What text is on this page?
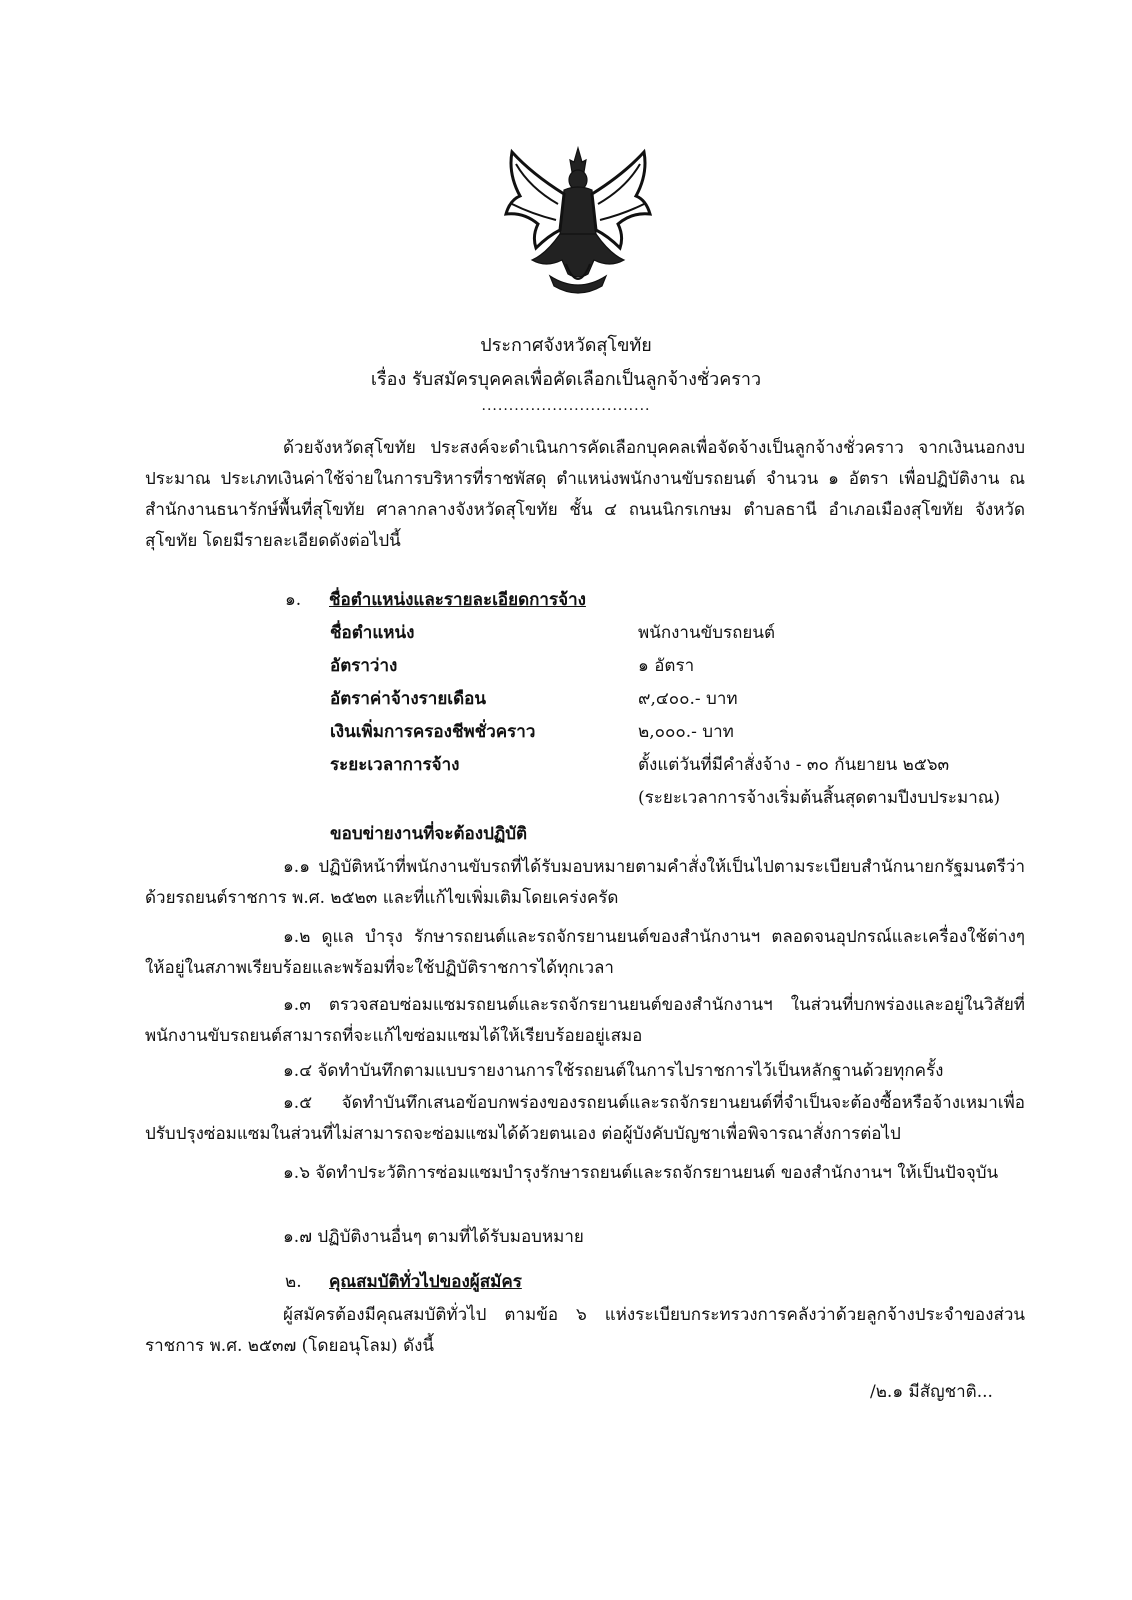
ประกาศจังหวัดสุโขทัย
เรื่อง รับสมัครบุคคลเพื่อคัดเลือกเป็นลูกจ้างชั่วคราว
...............................
ด้วยจังหวัดสุโขทัย ประสงค์จะดำเนินการคัดเลือกบุคคลเพื่อจัดจ้างเป็นลูกจ้างชั่วคราว จากเงินนอกงบประมาณ ประเภทเงินค่าใช้จ่ายในการบริหารที่ราชพัสดุ ตำแหน่งพนักงานขับรถยนต์ จำนวน ๑ อัตรา เพื่อปฏิบัติงาน ณ สำนักงานธนารักษ์พื้นที่สุโขทัย ศาลากลางจังหวัดสุโขทัย ชั้น ๔ ถนนนิกรเกษม ตำบลธานี อำเภอเมืองสุโขทัย จังหวัดสุโขทัย โดยมีรายละเอียดดังต่อไปนี้
๑. ชื่อตำแหน่งและรายละเอียดการจ้าง
ชื่อตำแหน่ง	พนักงานขับรถยนต์
อัตราว่าง	๑ อัตรา
อัตราค่าจ้างรายเดือน	๙,๔๐๐.- บาท
เงินเพิ่มการครองชีพชั่วคราว	๒,๐๐๐.- บาท
ระยะเวลาการจ้าง	ตั้งแต่วันที่มีคำสั่งจ้าง - ๓๐ กันยายน ๒๕๖๓
(ระยะเวลาการจ้างเริ่มต้นสิ้นสุดตามปีงบประมาณ)
ขอบข่ายงานที่จะต้องปฏิบัติ
๑.๑ ปฏิบัติหน้าที่พนักงานขับรถที่ได้รับมอบหมายตามคำสั่งให้เป็นไปตามระเบียบสำนักนายกรัฐมนตรีว่าด้วยรถยนต์ราชการ พ.ศ. ๒๕๒๓ และที่แก้ไขเพิ่มเติมโดยเคร่งครัด
๑.๒ ดูแล บำรุง รักษารถยนต์และรถจักรยานยนต์ของสำนักงานฯ ตลอดจนอุปกรณ์และเครื่องใช้ต่างๆ ให้อยู่ในสภาพเรียบร้อยและพร้อมที่จะใช้ปฏิบัติราชการได้ทุกเวลา
๑.๓ ตรวจสอบซ่อมแซมรถยนต์และรถจักรยานยนต์ของสำนักงานฯ ในส่วนที่บกพร่องและอยู่ในวิสัยที่พนักงานขับรถยนต์สามารถที่จะแก้ไขซ่อมแซมได้ให้เรียบร้อยอยู่เสมอ
๑.๔ จัดทำบันทึกตามแบบรายงานการใช้รถยนต์ในการไปราชการไว้เป็นหลักฐานด้วยทุกครั้ง
๑.๕ จัดทำบันทึกเสนอข้อบกพร่องของรถยนต์และรถจักรยานยนต์ที่จำเป็นจะต้องซื้อหรือจ้างเหมาเพื่อปรับปรุงซ่อมแซมในส่วนที่ไม่สามารถจะซ่อมแซมได้ด้วยตนเอง ต่อผู้บังคับบัญชาเพื่อพิจารณาสั่งการต่อไป
๑.๖ จัดทำประวัติการซ่อมแซมบำรุงรักษารถยนต์และรถจักรยานยนต์ ของสำนักงานฯ ให้เป็นปัจจุบัน
๑.๗ ปฏิบัติงานอื่นๆ ตามที่ได้รับมอบหมาย
๒. คุณสมบัติทั่วไปของผู้สมัคร
ผู้สมัครต้องมีคุณสมบัติทั่วไป ตามข้อ ๖ แห่งระเบียบกระทรวงการคลังว่าด้วยลูกจ้างประจำของส่วนราชการ พ.ศ. ๒๕๓๗ (โดยอนุโลม) ดังนี้
/๒.๑ มีสัญชาติ...
